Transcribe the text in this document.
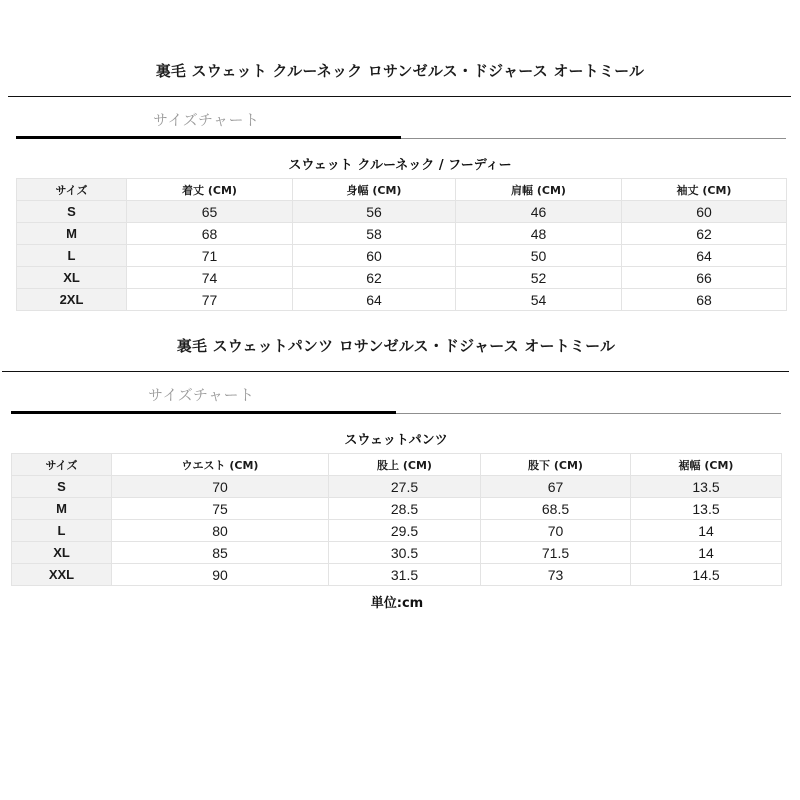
裏毛 スウェット クルーネック ロサンゼルス・ドジャース オートミール
サイズチャート
スウェット クルーネック / フーディー
サイズ	着丈 (CM)	身幅 (CM)	肩幅 (CM)	袖丈 (CM)
S	65	56	46	60
M	68	58	48	62
L	71	60	50	64
XL	74	62	52	66
2XL	77	64	54	68
裏毛 スウェットパンツ ロサンゼルス・ドジャース オートミール
サイズチャート
スウェットパンツ
サイズ	ウエスト (CM)	股上 (CM)	股下 (CM)	裾幅 (CM)
S	70	27.5	67	13.5
M	75	28.5	68.5	13.5
L	80	29.5	70	14
XL	85	30.5	71.5	14
XXL	90	31.5	73	14.5
単位:cm
